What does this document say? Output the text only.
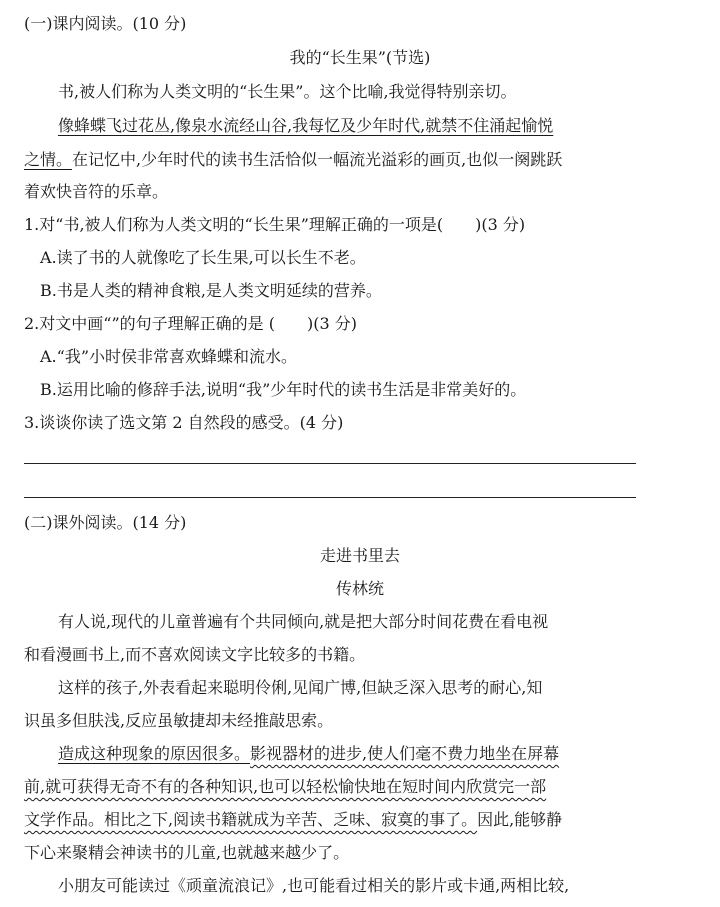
(一)课内阅读。(10 分)
我的“长生果”(节选)
书,被人们称为人类文明的“长生果”。这个比喻,我觉得特别亲切。
像蜂蝶飞过花丛,像泉水流经山谷,我每忆及少年时代,就禁不住涌起愉悦
之情。在记忆中,少年时代的读书生活恰似一幅流光溢彩的画页,也似一阕跳跃
着欢快音符的乐章。
1.对“书,被人们称为人类文明的“长生果”理解正确的一项是(　　)(3 分)
A.读了书的人就像吃了长生果,可以长生不老。
B.书是人类的精神食粮,是人类文明延续的营养。
2.对文中画“”的句子理解正确的是 (　　)(3 分)
A.“我”小时侯非常喜欢蜂蝶和流水。
B.运用比喻的修辞手法,说明“我”少年时代的读书生活是非常美好的。
3.谈谈你读了选文第 2 自然段的感受。(4 分)
(二)课外阅读。(14 分)
走进书里去
传林统
有人说,现代的儿童普遍有个共同倾向,就是把大部分时间花费在看电视
和看漫画书上,而不喜欢阅读文字比较多的书籍。
这样的孩子,外表看起来聪明伶俐,见闻广博,但缺乏深入思考的耐心,知
识虽多但肤浅,反应虽敏捷却未经推敲思索。
造成这种现象的原因很多。影视器材的进步,使人们毫不费力地坐在屏幕
前,就可获得无奇不有的各种知识,也可以轻松愉快地在短时间内欣赏完一部
文学作品。相比之下,阅读书籍就成为辛苦、乏味、寂寞的事了。因此,能够静
下心来聚精会神读书的儿童,也就越来越少了。
小朋友可能读过《顽童流浪记》,也可能看过相关的影片或卡通,两相比较,
